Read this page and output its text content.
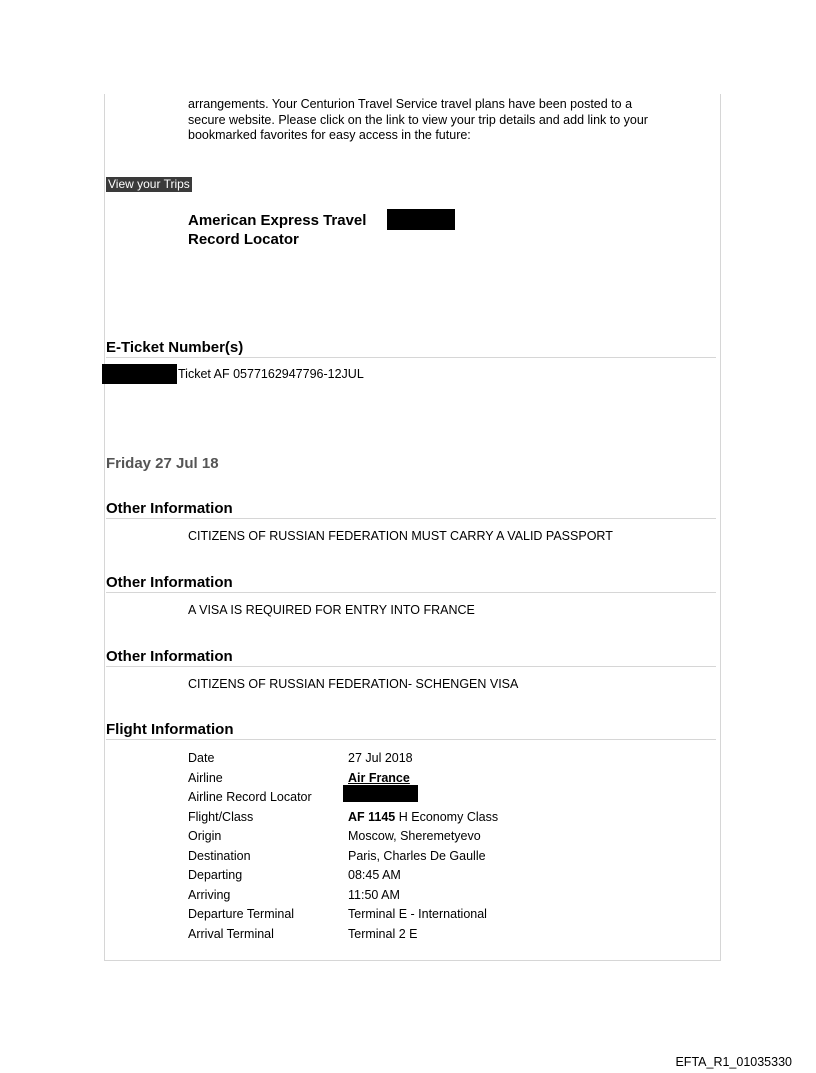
arrangements. Your Centurion Travel Service travel plans have been posted to a secure website. Please click on the link to view your trip details and add link to your bookmarked favorites for easy access in the future:
View your Trips
American Express Travel
Record Locator
E-Ticket Number(s)
Ticket AF 0577162947796-12JUL
Friday 27 Jul 18
Other Information
CITIZENS OF RUSSIAN FEDERATION MUST CARRY A VALID PASSPORT
Other Information
A VISA IS REQUIRED FOR ENTRY INTO FRANCE
Other Information
CITIZENS OF RUSSIAN FEDERATION- SCHENGEN VISA
Flight Information
Date	27 Jul 2018
Airline	Air France
Airline Record Locator
Flight/Class	AF 1145 H Economy Class
Origin	Moscow, Sheremetyevo
Destination	Paris, Charles De Gaulle
Departing	08:45 AM
Arriving	11:50 AM
Departure Terminal	Terminal E - International
Arrival Terminal	Terminal 2 E
EFTA_R1_01035330
